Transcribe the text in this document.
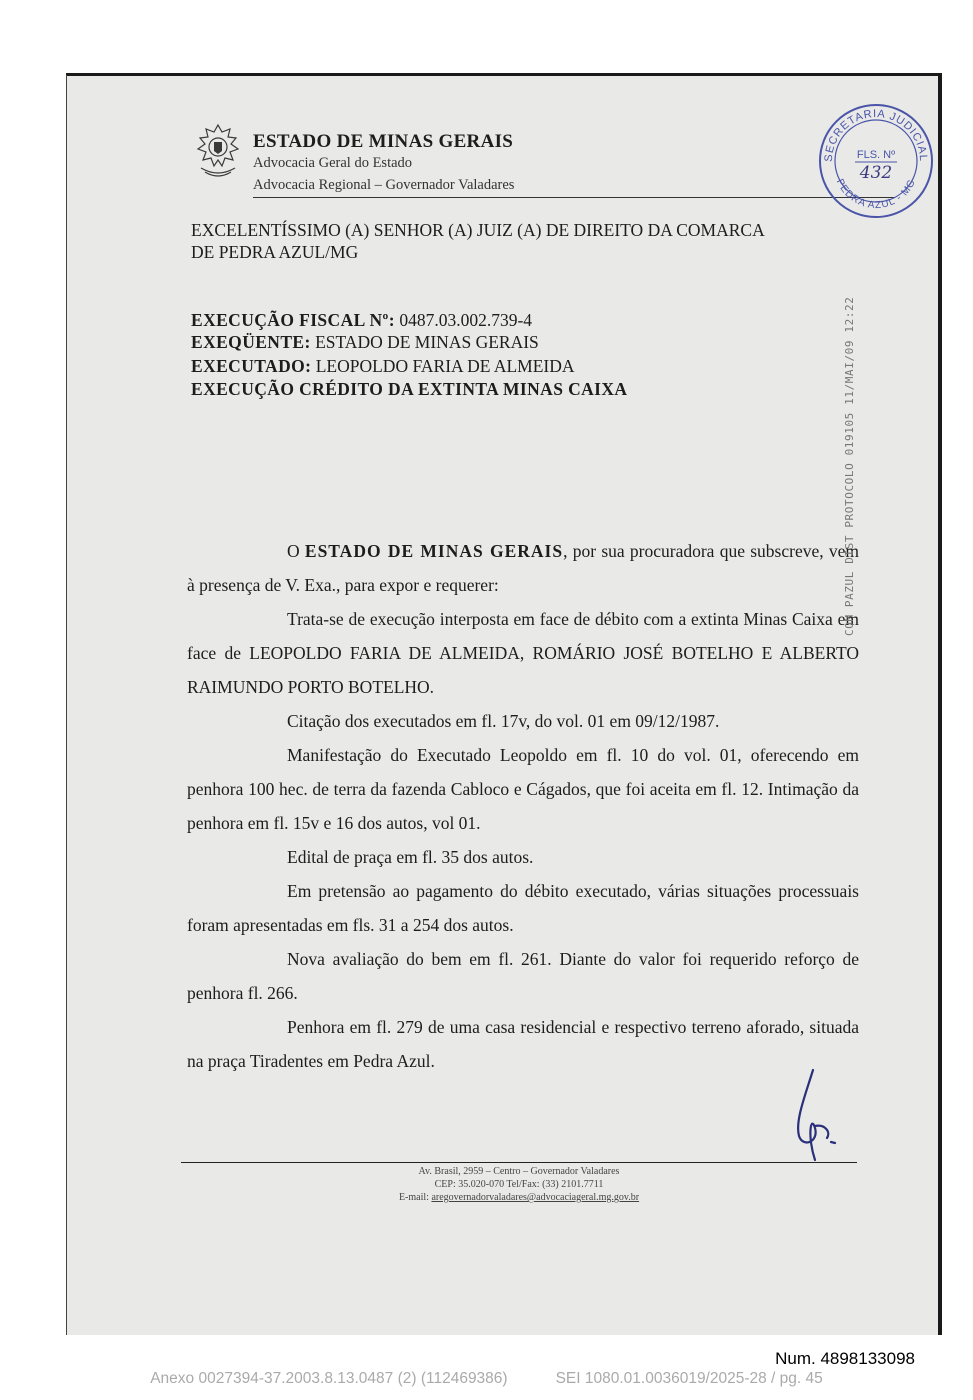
ESTADO DE MINAS GERAIS
Advocacia Geral do Estado
Advocacia Regional – Governador Valadares
SECRETARIA JUDICIAL
PEDRA AZUL - MG
FLS. Nº
432
EXCELENTÍSSIMO (A) SENHOR (A) JUIZ (A) DE DIREITO DA COMARCA
DE PEDRA AZUL/MG
EXECUÇÃO FISCAL Nº: 0487.03.002.739-4
EXEQÜENTE: ESTADO DE MINAS GERAIS
EXECUTADO: LEOPOLDO FARIA DE ALMEIDA
EXECUÇÃO CRÉDITO DA EXTINTA MINAS CAIXA

O ESTADO DE MINAS GERAIS, por sua procuradora que subscreve, vem à presença de V. Exa., para expor e requerer:

Trata-se de execução interposta em face de débito com a extinta Minas Caixa em face de LEOPOLDO FARIA DE ALMEIDA, ROMÁRIO JOSÉ BOTELHO E ALBERTO RAIMUNDO PORTO BOTELHO.

Citação dos executados em fl. 17v, do vol. 01 em 09/12/1987.

Manifestação do Executado Leopoldo em fl. 10 do vol. 01, oferecendo em penhora 100 hec. de terra da fazenda Cabloco e Cágados, que foi aceita em fl. 12. Intimação da penhora em fl. 15v e 16 dos autos, vol 01.

Edital de praça em fl. 35 dos autos.

Em pretensão ao pagamento do débito executado, várias situações processuais foram apresentadas em fls. 31 a 254 dos autos.

Nova avaliação do bem em fl. 261. Diante do valor foi requerido reforço de penhora fl. 266.

Penhora em fl. 279 de uma casa residencial e respectivo terreno aforado, situada na praça Tiradentes em Pedra Azul.

COM PAZUL DIST PROTOCOLO 019105 11/MAI/09 12:22
Av. Brasil, 2959 – Centro – Governador Valadares
CEP: 35.020-070 Tel/Fax: (33) 2101.7711
E-mail: aregovernadorvaladares@advocaciageral.mg.gov.br
Num. 4898133098
Anexo 0027394-37.2003.8.13.0487 (2) (112469386)	SEI 1080.01.0036019/2025-28 / pg. 45
